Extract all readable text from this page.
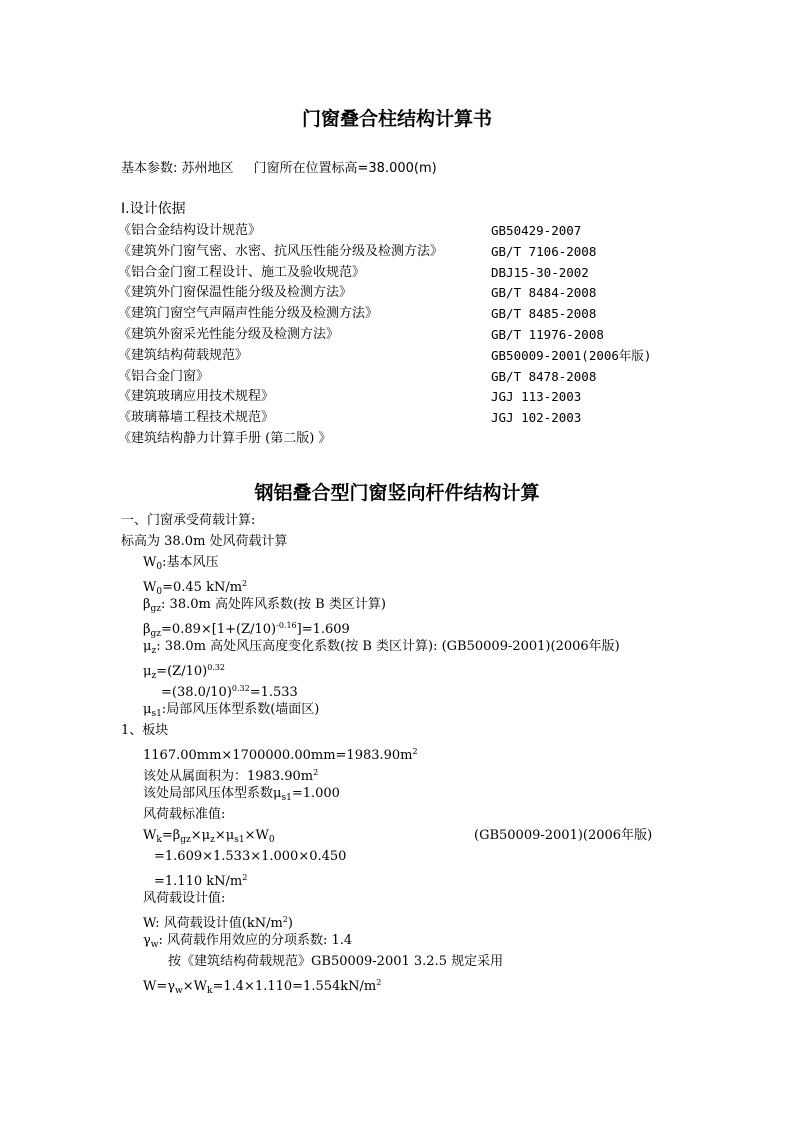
门窗叠合柱结构计算书
基本参数: 苏州地区 门窗所在位置标高=38.000(m)
Ⅰ.设计依据
《铝合金结构设计规范》	GB50429-2007
《建筑外门窗气密、水密、抗风压性能分级及检测方法》	GB/T 7106-2008
《铝合金门窗工程设计、施工及验收规范》	DBJ15-30-2002
《建筑外门窗保温性能分级及检测方法》	GB/T 8484-2008
《建筑门窗空气声隔声性能分级及检测方法》	GB/T 8485-2008
《建筑外窗采光性能分级及检测方法》	GB/T 11976-2008
《建筑结构荷载规范》	GB50009-2001(2006年版)
《铝合金门窗》	GB/T 8478-2008
《建筑玻璃应用技术规程》	JGJ 113-2003
《玻璃幕墙工程技术规范》	JGJ 102-2003
《建筑结构静力计算手册 (第二版) 》
钢铝叠合型门窗竖向杆件结构计算
一、门窗承受荷载计算:
标高为 38.0m 处风荷载计算
$W_0$:基本风压
$W_0=0.45$ $kN/m^2$
$\beta_{gz}$: 38.0m 高处阵风系数(按 B 类区计算)
$\beta_{gz}=0.89\times[1+(Z/10)^{-0.16}]=1.609$
$\mu_z$: 38.0m 高处风压高度变化系数(按 B 类区计算): (GB50009-2001)(2006年版)
$\mu_z=(Z/10)^{0.32}$
$=(38.0/10)^{0.32}=1.533$
$\mu_{s1}$:局部风压体型系数(墙面区)
1、板块
$1167.00mm\times 1700000.00mm=1983.90m^2$
该处从属面积为：$1983.90m^2$
该处局部风压体型系数$\mu_{s1}=1.000$
风荷载标准值:
$W_k=\beta_{gz}\times\mu_z\times\mu_{s1}\times W_0$	(GB50009-2001)(2006年版)
=1.609×1.533×1.000×0.450
=1.110 $kN/m^2$
风荷载设计值:
W: 风荷载设计值$(kN/m^2)$
$\gamma_w$: 风荷载作用效应的分项系数: 1.4
按《建筑结构荷载规范》GB50009-2001 3.2.5 规定采用
$W=\gamma_w\times W_k=1.4\times 1.110=1.554kN/m^2$
